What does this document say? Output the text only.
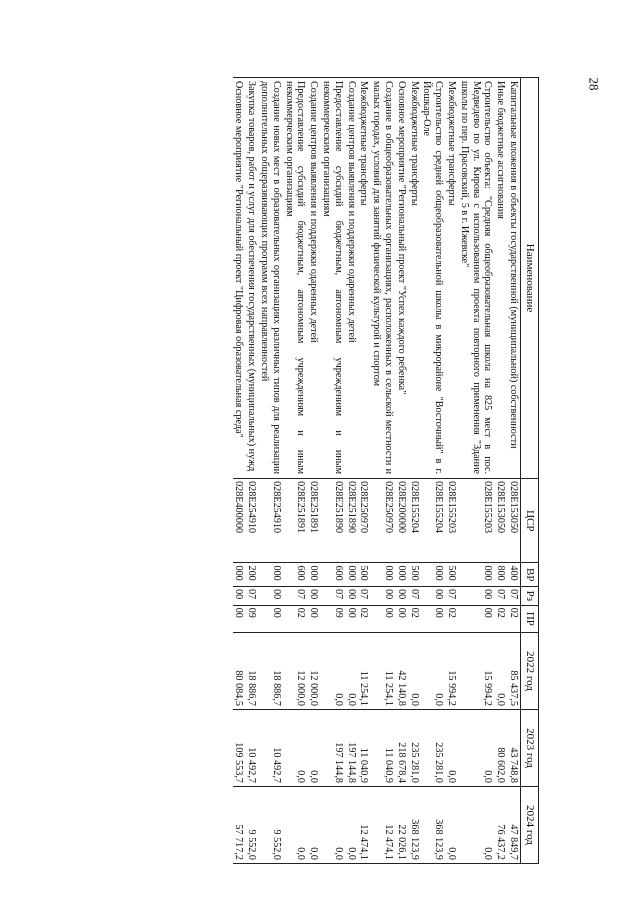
28
Наименование	ЦСР	ВР	Рз	ПР	2022 год	2023 год	2024 год
Капитальные вложения в объекты государственной (муниципальной) собственности	028E153050	400	07	02	85 437,5	43 748,8	47 849,7
Иные бюджетные ассигнования	028E153050	800	07	02	0,0	80 602,0	76 437,2
Строительство объекта: "Средняя общеобразовательная школа на 825 мест в пос. Медведево по ул. Кирова с использованием проекта повторного применения "Здание школы по пер. Прасовский, 5 в г. Ижевске"	028E155203	000	00	00	15 994,2	0,0	0,0
Межбюджетные трансферты	028E155203	500	07	02	15 994,2	0,0	0,0
Строительство средней общеобразовательной школы в микрорайоне "Восточный" в г. Йошкар-Оле	028E155204	000	00	00	0,0	235 281,0	368 123,9
Межбюджетные трансферты	028E155204	500	07	02	0,0	235 281,0	368 123,9
Основное мероприятие "Региональный проект "Успех каждого ребенка"	028E200000	000	00	00	42 140,8	218 678,4	22 026,1
Создание в общеобразовательных организациях, расположенных в сельской местности и малых городах, условий для занятий физической культурой и спортом	028E250970	000	00	00	11 254,1	11 040,9	12 474,1
Межбюджетные трансферты	028E250970	500	07	02	11 254,1	11 040,9	12 474,1
Создание центров выявления и поддержки одаренных детей	028E251890	000	00	00	0,0	197 144,8	0,0
Предоставление субсидий бюджетным, автономным учреждениям и иным некоммерческим организациям	028E251890	600	07	09	0,0	197 144,8	0,0
Создание центров выявления и поддержки одаренных детей	028E251891	000	00	00	12 000,0	0,0	0,0
Предоставление субсидий бюджетным, автономным учреждениям и иным некоммерческим организациям	028E251891	600	07	02	12 000,0	0,0	0,0
Создание новых мест в образовательных организациях различных типов для реализации дополнительных общеразвивающих программ всех направленностей	028E254910	000	00	00	18 886,7	10 492,7	9 552,0
Закупка товаров, работ и услуг для обеспечения государственных (муниципальных) нужд	028E254910	200	07	09	18 886,7	10 492,7	9 552,0
Основное мероприятие "Региональный проект "Цифровая образовательная среда"	028E400000	000	00	00	80 084,5	109 553,7	57 717,2
